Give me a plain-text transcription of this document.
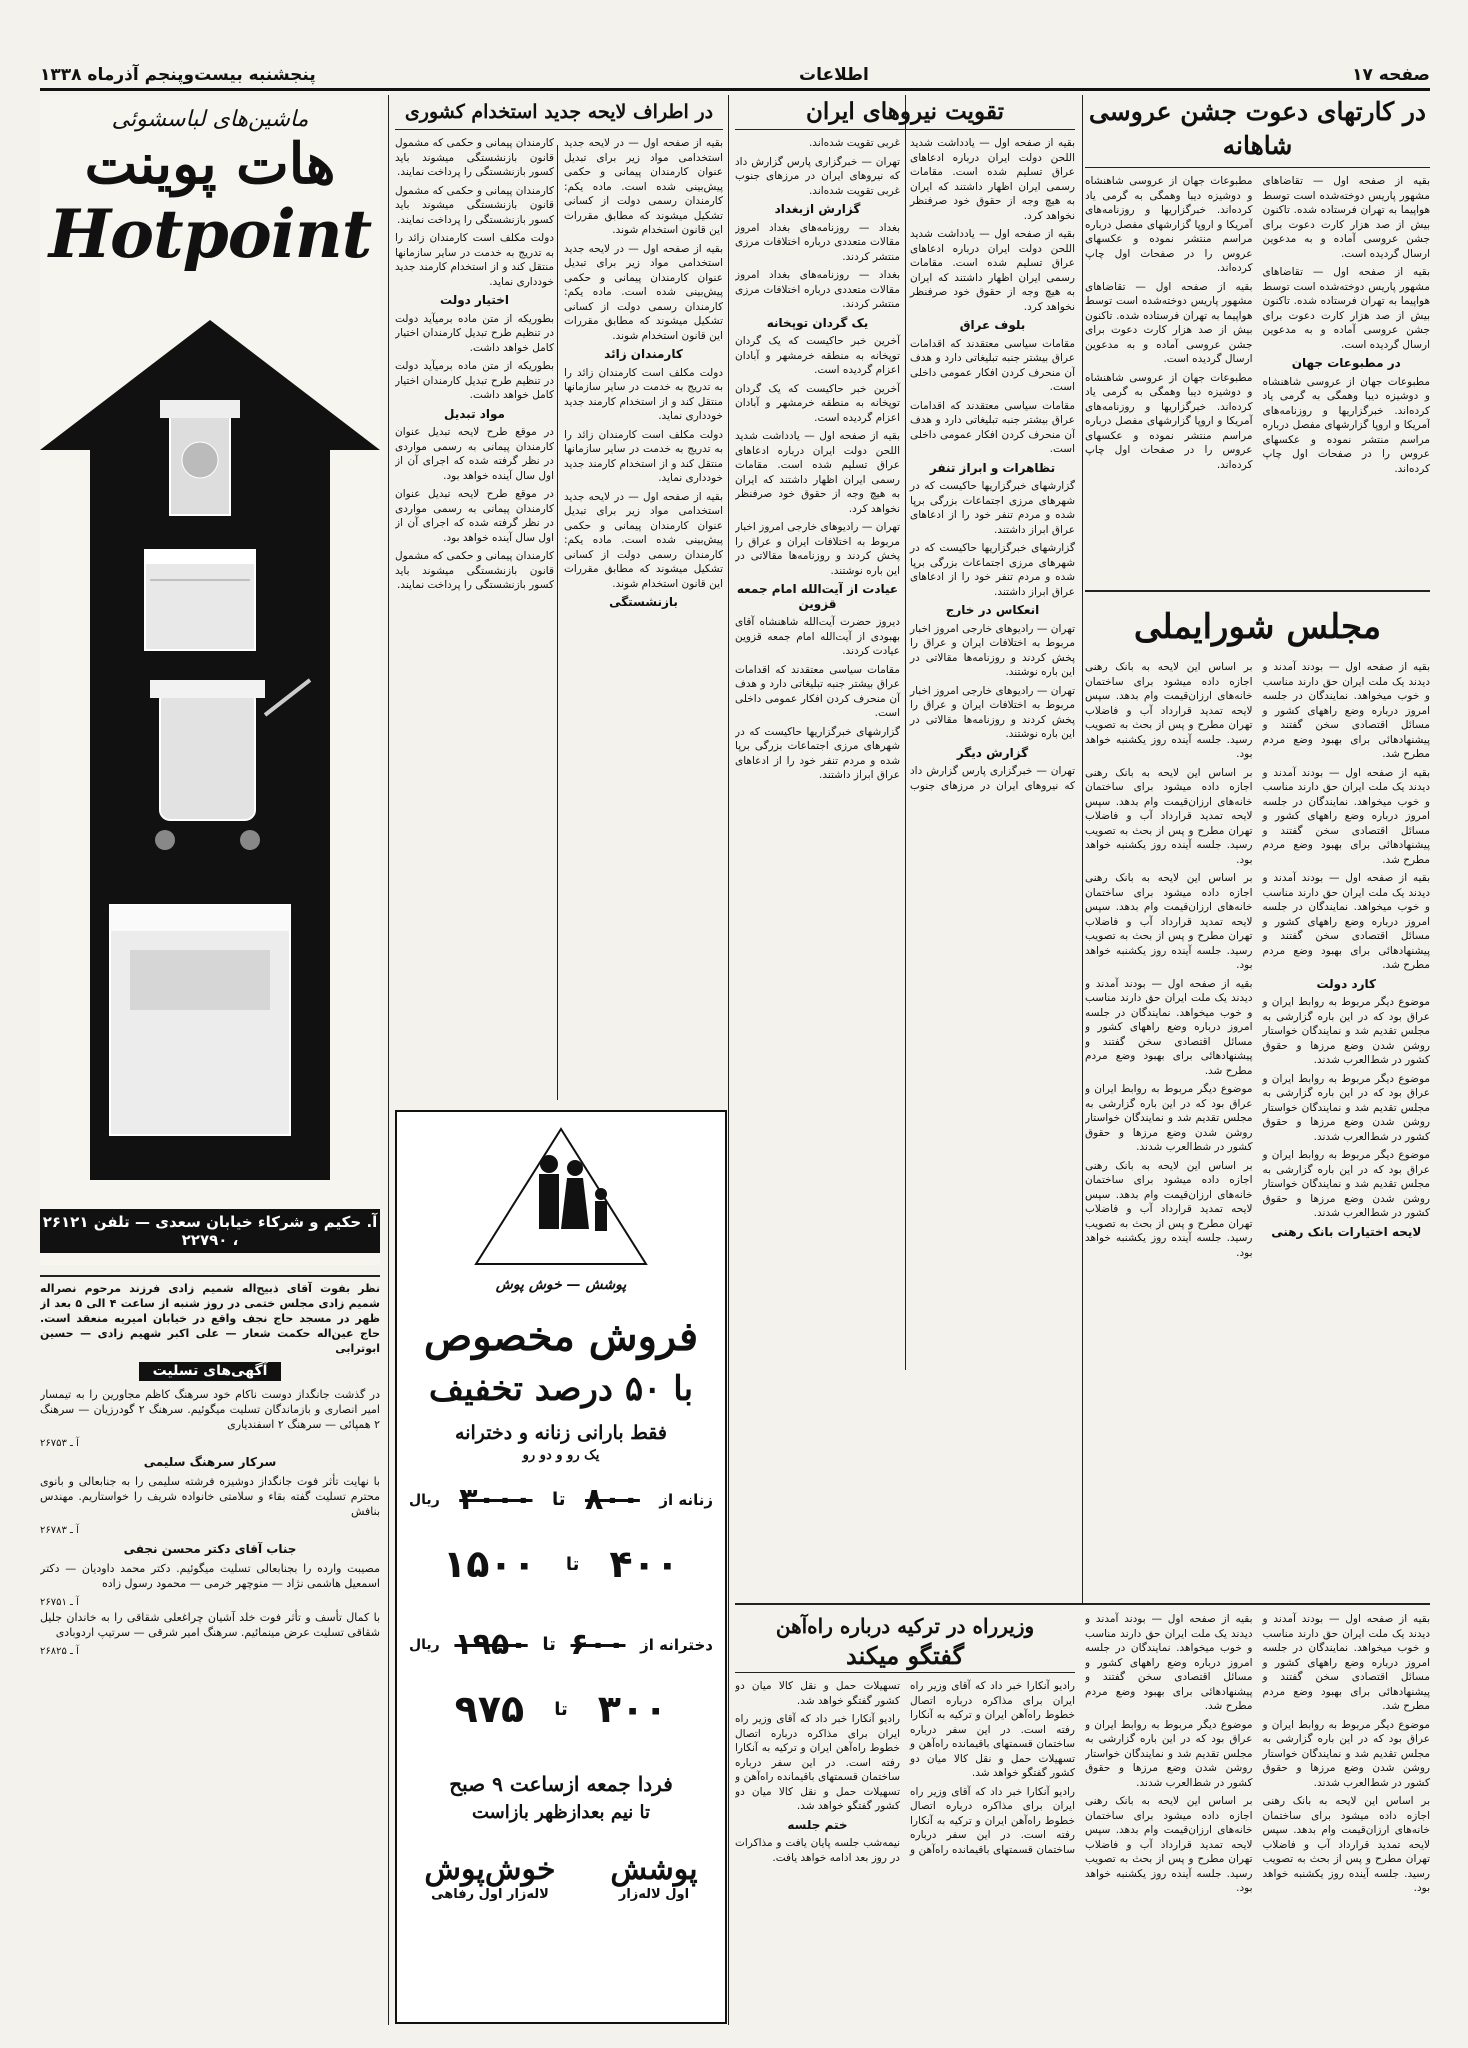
صفحه ۱۷
اطلاعات
پنجشنبه بیست‌وپنجم آذرماه ۱۳۳۸
در کارتهای دعوت جشن عروسی شاهانه

بقیه از صفحه اول — تقاضاهای مشهور پاریس دوخته‌شده است توسط هواپیما به تهران فرستاده شده. تاکنون بیش از صد هزار کارت دعوت برای جشن عروسی آماده و به مدعوین ارسال گردیده است.

بقیه از صفحه اول — تقاضاهای مشهور پاریس دوخته‌شده است توسط هواپیما به تهران فرستاده شده. تاکنون بیش از صد هزار کارت دعوت برای جشن عروسی آماده و به مدعوین ارسال گردیده است.

در مطبوعات جهان

مطبوعات جهان از عروسی شاهنشاه و دوشیزه دیبا وهمگی به گرمی یاد کرده‌اند. خبرگزاریها و روزنامه‌های آمریکا و اروپا گزارشهای مفصل درباره مراسم منتشر نموده و عکسهای عروس را در صفحات اول چاپ کرده‌اند.

مطبوعات جهان از عروسی شاهنشاه و دوشیزه دیبا وهمگی به گرمی یاد کرده‌اند. خبرگزاریها و روزنامه‌های آمریکا و اروپا گزارشهای مفصل درباره مراسم منتشر نموده و عکسهای عروس را در صفحات اول چاپ کرده‌اند.

بقیه از صفحه اول — تقاضاهای مشهور پاریس دوخته‌شده است توسط هواپیما به تهران فرستاده شده. تاکنون بیش از صد هزار کارت دعوت برای جشن عروسی آماده و به مدعوین ارسال گردیده است.

مطبوعات جهان از عروسی شاهنشاه و دوشیزه دیبا وهمگی به گرمی یاد کرده‌اند. خبرگزاریها و روزنامه‌های آمریکا و اروپا گزارشهای مفصل درباره مراسم منتشر نموده و عکسهای عروس را در صفحات اول چاپ کرده‌اند.

مجلس شورایملی

بقیه از صفحه اول — بودند آمدند و دیدند یک ملت ایران حق دارند مناسب و خوب میخواهد. نمایندگان در جلسه امروز درباره وضع راههای کشور و مسائل اقتصادی سخن گفتند و پیشنهادهائی برای بهبود وضع مردم مطرح شد.

بقیه از صفحه اول — بودند آمدند و دیدند یک ملت ایران حق دارند مناسب و خوب میخواهد. نمایندگان در جلسه امروز درباره وضع راههای کشور و مسائل اقتصادی سخن گفتند و پیشنهادهائی برای بهبود وضع مردم مطرح شد.

بقیه از صفحه اول — بودند آمدند و دیدند یک ملت ایران حق دارند مناسب و خوب میخواهد. نمایندگان در جلسه امروز درباره وضع راههای کشور و مسائل اقتصادی سخن گفتند و پیشنهادهائی برای بهبود وضع مردم مطرح شد.

کارد دولت

موضوع دیگر مربوط به روابط ایران و عراق بود که در این باره گزارشی به مجلس تقدیم شد و نمایندگان خواستار روشن شدن وضع مرزها و حقوق کشور در شط‌العرب شدند.

موضوع دیگر مربوط به روابط ایران و عراق بود که در این باره گزارشی به مجلس تقدیم شد و نمایندگان خواستار روشن شدن وضع مرزها و حقوق کشور در شط‌العرب شدند.

موضوع دیگر مربوط به روابط ایران و عراق بود که در این باره گزارشی به مجلس تقدیم شد و نمایندگان خواستار روشن شدن وضع مرزها و حقوق کشور در شط‌العرب شدند.

لایحه اختیارات بانک رهنی

بر اساس این لایحه به بانک رهنی اجازه داده میشود برای ساختمان خانه‌های ارزان‌قیمت وام بدهد. سپس لایحه تمدید قرارداد آب و فاضلاب تهران مطرح و پس از بحث به تصویب رسید. جلسه آینده روز یکشنبه خواهد بود.

بر اساس این لایحه به بانک رهنی اجازه داده میشود برای ساختمان خانه‌های ارزان‌قیمت وام بدهد. سپس لایحه تمدید قرارداد آب و فاضلاب تهران مطرح و پس از بحث به تصویب رسید. جلسه آینده روز یکشنبه خواهد بود.

بر اساس این لایحه به بانک رهنی اجازه داده میشود برای ساختمان خانه‌های ارزان‌قیمت وام بدهد. سپس لایحه تمدید قرارداد آب و فاضلاب تهران مطرح و پس از بحث به تصویب رسید. جلسه آینده روز یکشنبه خواهد بود.

بقیه از صفحه اول — بودند آمدند و دیدند یک ملت ایران حق دارند مناسب و خوب میخواهد. نمایندگان در جلسه امروز درباره وضع راههای کشور و مسائل اقتصادی سخن گفتند و پیشنهادهائی برای بهبود وضع مردم مطرح شد.

موضوع دیگر مربوط به روابط ایران و عراق بود که در این باره گزارشی به مجلس تقدیم شد و نمایندگان خواستار روشن شدن وضع مرزها و حقوق کشور در شط‌العرب شدند.

بر اساس این لایحه به بانک رهنی اجازه داده میشود برای ساختمان خانه‌های ارزان‌قیمت وام بدهد. سپس لایحه تمدید قرارداد آب و فاضلاب تهران مطرح و پس از بحث به تصویب رسید. جلسه آینده روز یکشنبه خواهد بود.

تقویت نیروهای ایران

بقیه از صفحه اول — یادداشت شدید اللحن دولت ایران درباره ادعاهای عراق تسلیم شده است. مقامات رسمی ایران اظهار داشتند که ایران به هیچ وجه از حقوق خود صرفنظر نخواهد کرد.

بقیه از صفحه اول — یادداشت شدید اللحن دولت ایران درباره ادعاهای عراق تسلیم شده است. مقامات رسمی ایران اظهار داشتند که ایران به هیچ وجه از حقوق خود صرفنظر نخواهد کرد.

بلوف عراق

مقامات سیاسی معتقدند که اقدامات عراق بیشتر جنبه تبلیغاتی دارد و هدف آن منحرف کردن افکار عمومی داخلی است.

مقامات سیاسی معتقدند که اقدامات عراق بیشتر جنبه تبلیغاتی دارد و هدف آن منحرف کردن افکار عمومی داخلی است.

تظاهرات و ابراز تنفر

گزارشهای خبرگزاریها حاکیست که در شهرهای مرزی اجتماعات بزرگی برپا شده و مردم تنفر خود را از ادعاهای عراق ابراز داشتند.

گزارشهای خبرگزاریها حاکیست که در شهرهای مرزی اجتماعات بزرگی برپا شده و مردم تنفر خود را از ادعاهای عراق ابراز داشتند.

انعکاس در خارج

تهران — رادیوهای خارجی امروز اخبار مربوط به اختلافات ایران و عراق را پخش کردند و روزنامه‌ها مقالاتی در این باره نوشتند.

تهران — رادیوهای خارجی امروز اخبار مربوط به اختلافات ایران و عراق را پخش کردند و روزنامه‌ها مقالاتی در این باره نوشتند.

گزارش دیگر

تهران — خبرگزاری پارس گزارش داد که نیروهای ایران در مرزهای جنوب غربی تقویت شده‌اند.

تهران — خبرگزاری پارس گزارش داد که نیروهای ایران در مرزهای جنوب غربی تقویت شده‌اند.

گزارش ازبغداد

بغداد — روزنامه‌های بغداد امروز مقالات متعددی درباره اختلافات مرزی منتشر کردند.

بغداد — روزنامه‌های بغداد امروز مقالات متعددی درباره اختلافات مرزی منتشر کردند.

یک گردان توپخانه

آخرین خبر حاکیست که یک گردان توپخانه به منطقه خرمشهر و آبادان اعزام گردیده است.

آخرین خبر حاکیست که یک گردان توپخانه به منطقه خرمشهر و آبادان اعزام گردیده است.

بقیه از صفحه اول — یادداشت شدید اللحن دولت ایران درباره ادعاهای عراق تسلیم شده است. مقامات رسمی ایران اظهار داشتند که ایران به هیچ وجه از حقوق خود صرفنظر نخواهد کرد.

تهران — رادیوهای خارجی امروز اخبار مربوط به اختلافات ایران و عراق را پخش کردند و روزنامه‌ها مقالاتی در این باره نوشتند.

عیادت از آیت‌الله امام جمعه قزوین

دیروز حضرت آیت‌الله شاهنشاه آقای بهبودی از آیت‌الله امام جمعه قزوین عیادت کردند.

مقامات سیاسی معتقدند که اقدامات عراق بیشتر جنبه تبلیغاتی دارد و هدف آن منحرف کردن افکار عمومی داخلی است.

گزارشهای خبرگزاریها حاکیست که در شهرهای مرزی اجتماعات بزرگی برپا شده و مردم تنفر خود را از ادعاهای عراق ابراز داشتند.

در اطراف لایحه جدید استخدام کشوری

بقیه از صفحه اول — در لایحه جدید استخدامی مواد زیر برای تبدیل عنوان کارمندان پیمانی و حکمی پیش‌بینی شده است. ماده یکم: کارمندان رسمی دولت از کسانی تشکیل میشوند که مطابق مقررات این قانون استخدام شوند.

بقیه از صفحه اول — در لایحه جدید استخدامی مواد زیر برای تبدیل عنوان کارمندان پیمانی و حکمی پیش‌بینی شده است. ماده یکم: کارمندان رسمی دولت از کسانی تشکیل میشوند که مطابق مقررات این قانون استخدام شوند.

کارمندان زائد

دولت مکلف است کارمندان زائد را به تدریج به خدمت در سایر سازمانها منتقل کند و از استخدام کارمند جدید خودداری نماید.

دولت مکلف است کارمندان زائد را به تدریج به خدمت در سایر سازمانها منتقل کند و از استخدام کارمند جدید خودداری نماید.

بقیه از صفحه اول — در لایحه جدید استخدامی مواد زیر برای تبدیل عنوان کارمندان پیمانی و حکمی پیش‌بینی شده است. ماده یکم: کارمندان رسمی دولت از کسانی تشکیل میشوند که مطابق مقررات این قانون استخدام شوند.

بازنشستگی

کارمندان پیمانی و حکمی که مشمول قانون بازنشستگی میشوند باید کسور بازنشستگی را پرداخت نمایند.

کارمندان پیمانی و حکمی که مشمول قانون بازنشستگی میشوند باید کسور بازنشستگی را پرداخت نمایند.

دولت مکلف است کارمندان زائد را به تدریج به خدمت در سایر سازمانها منتقل کند و از استخدام کارمند جدید خودداری نماید.

اختیار دولت

بطوریکه از متن ماده برمیآید دولت در تنظیم طرح تبدیل کارمندان اختیار کامل خواهد داشت.

بطوریکه از متن ماده برمیآید دولت در تنظیم طرح تبدیل کارمندان اختیار کامل خواهد داشت.

مواد تبدیل

در موقع طرح لایحه تبدیل عنوان کارمندان پیمانی به رسمی مواردی در نظر گرفته شده که اجرای آن از اول سال آینده خواهد بود.

در موقع طرح لایحه تبدیل عنوان کارمندان پیمانی به رسمی مواردی در نظر گرفته شده که اجرای آن از اول سال آینده خواهد بود.

کارمندان پیمانی و حکمی که مشمول قانون بازنشستگی میشوند باید کسور بازنشستگی را پرداخت نمایند.

ماشین‌های لباسشوئی
هات پوینت
Hotpoint
آ. حکیم و شرکاء خیابان سعدی — تلفن ۲۶۱۲۱ ، ۲۲۷۹۰

نظر بفوت آقای ذبیح‌اله شمیم زادی فرزند مرحوم نصراله شمیم زادی مجلس ختمی در روز شنبه از ساعت ۴ الی ۵ بعد از ظهر در مسجد حاج نجف واقع در خیابان امیریه منعقد است. حاج عین‌اله حکمت شعار — علی اکبر شهیم زادی — حسین ابوترابی

آگهی‌های تسلیت

در گذشت جانگداز دوست ناکام خود سرهنگ کاظم مجاورین را به تیمسار امیر انصاری و بازماندگان تسلیت میگوئیم. سرهنگ ۲ گودرزیان — سرهنگ ۲ همپائی — سرهنگ ۲ اسفندیاری

آ ـ ۲۶۷۵۳
سرکار سرهنگ سلیمی

با نهایت تأثر فوت جانگداز دوشیزه فرشته سلیمی را به جنابعالی و بانوی محترم تسلیت گفته بقاء و سلامتی خانواده شریف را خواستاریم. مهندس بنافش

آ ـ ۲۶۷۸۳
جناب آقای دکتر محسن نجفی

مصیبت وارده را بجنابعالی تسلیت میگوئیم. دکتر محمد داودیان — دکتر اسمعیل هاشمی نژاد — منوچهر خرمی — محمود رسول زاده

آ ـ ۲۶۷۵۱

با کمال تأسف و تأثر فوت خلد آشیان چراغعلی شقاقی را به خاندان جلیل شقاقی تسلیت عرض مینمائیم. سرهنگ امیر شرقی — سرتیپ اردوبادی

آ ـ ۲۶۸۲۵
پوشش — خوش پوش
فروش مخصوص
با ۵۰ درصد تخفیف
فقط بارانی زنانه و دخترانه
یک رو و دو رو
زنانه از
۸۰۰
تا
۳۰۰۰
ریال
۴۰۰
تا
۱۵۰۰
دخترانه از
۶۰۰
تا
۱۹۵۰
ریال
۳۰۰
تا
۹۷۵
فردا جمعه ازساعت ۹ صبح
تا نیم بعدازظهر بازاست
پوشش
اول لاله‌زار
خوش‌پوش
لاله‌زار اول رفاهی
وزیرراه در ترکیه درباره راه‌آهن
گفتگو میکند

رادیو آنکارا خبر داد که آقای وزیر راه ایران برای مذاکره درباره اتصال خطوط راه‌آهن ایران و ترکیه به آنکارا رفته است. در این سفر درباره ساختمان قسمتهای باقیمانده راه‌آهن و تسهیلات حمل و نقل کالا میان دو کشور گفتگو خواهد شد.

رادیو آنکارا خبر داد که آقای وزیر راه ایران برای مذاکره درباره اتصال خطوط راه‌آهن ایران و ترکیه به آنکارا رفته است. در این سفر درباره ساختمان قسمتهای باقیمانده راه‌آهن و تسهیلات حمل و نقل کالا میان دو کشور گفتگو خواهد شد.

رادیو آنکارا خبر داد که آقای وزیر راه ایران برای مذاکره درباره اتصال خطوط راه‌آهن ایران و ترکیه به آنکارا رفته است. در این سفر درباره ساختمان قسمتهای باقیمانده راه‌آهن و تسهیلات حمل و نقل کالا میان دو کشور گفتگو خواهد شد.

ختم جلسه

نیمه‌شب جلسه پایان یافت و مذاکرات در روز بعد ادامه خواهد یافت.

بقیه از صفحه اول — بودند آمدند و دیدند یک ملت ایران حق دارند مناسب و خوب میخواهد. نمایندگان در جلسه امروز درباره وضع راههای کشور و مسائل اقتصادی سخن گفتند و پیشنهادهائی برای بهبود وضع مردم مطرح شد.

موضوع دیگر مربوط به روابط ایران و عراق بود که در این باره گزارشی به مجلس تقدیم شد و نمایندگان خواستار روشن شدن وضع مرزها و حقوق کشور در شط‌العرب شدند.

بر اساس این لایحه به بانک رهنی اجازه داده میشود برای ساختمان خانه‌های ارزان‌قیمت وام بدهد. سپس لایحه تمدید قرارداد آب و فاضلاب تهران مطرح و پس از بحث به تصویب رسید. جلسه آینده روز یکشنبه خواهد بود.

بقیه از صفحه اول — بودند آمدند و دیدند یک ملت ایران حق دارند مناسب و خوب میخواهد. نمایندگان در جلسه امروز درباره وضع راههای کشور و مسائل اقتصادی سخن گفتند و پیشنهادهائی برای بهبود وضع مردم مطرح شد.

موضوع دیگر مربوط به روابط ایران و عراق بود که در این باره گزارشی به مجلس تقدیم شد و نمایندگان خواستار روشن شدن وضع مرزها و حقوق کشور در شط‌العرب شدند.

بر اساس این لایحه به بانک رهنی اجازه داده میشود برای ساختمان خانه‌های ارزان‌قیمت وام بدهد. سپس لایحه تمدید قرارداد آب و فاضلاب تهران مطرح و پس از بحث به تصویب رسید. جلسه آینده روز یکشنبه خواهد بود.
